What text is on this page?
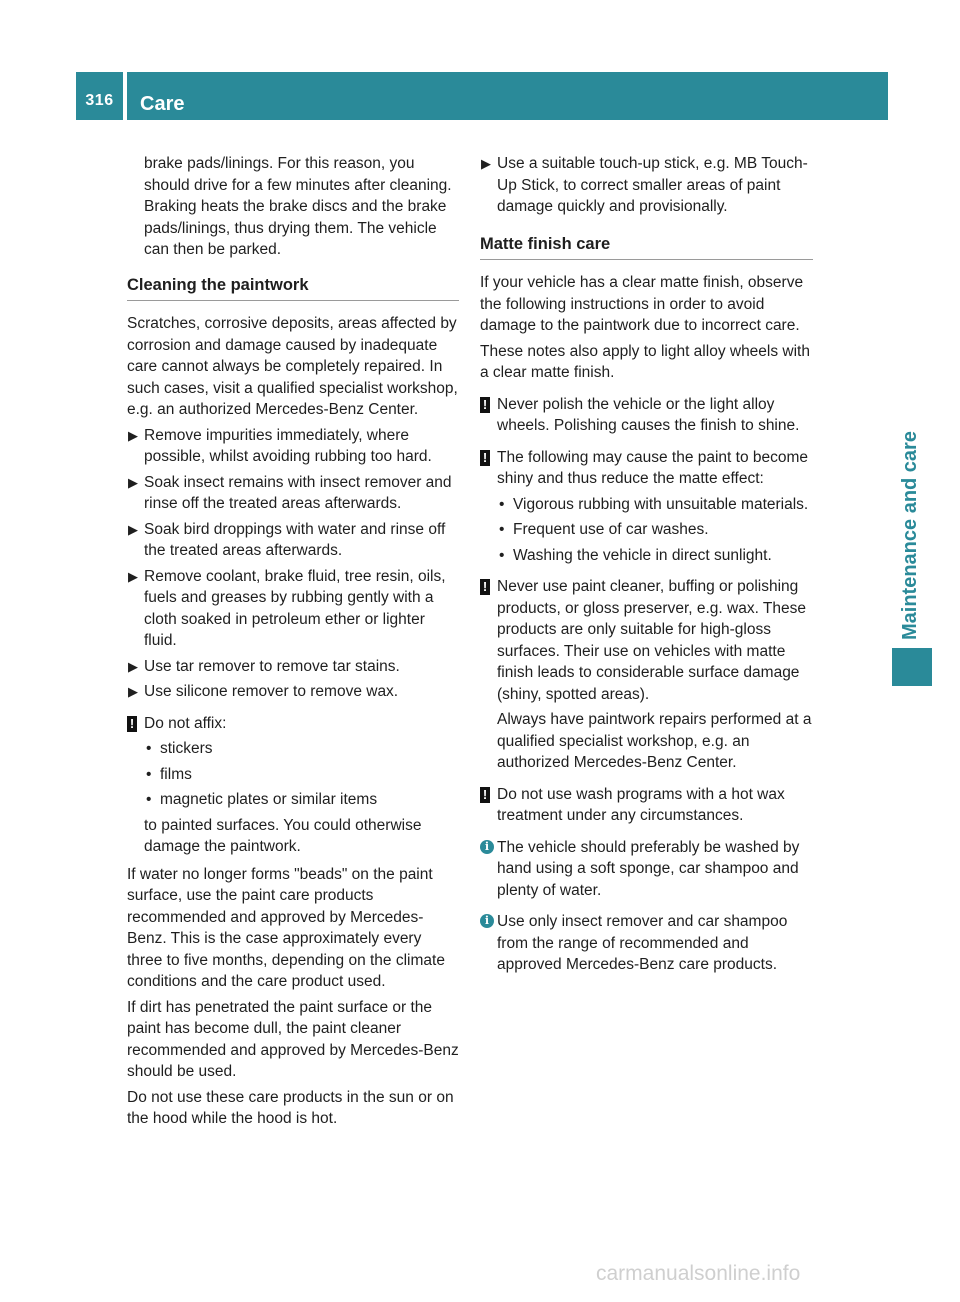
316	Care
Maintenance and care

brake pads/linings. For this reason, you should drive for a few minutes after cleaning. Braking heats the brake discs and the brake pads/linings, thus drying them. The vehicle can then be parked.

Cleaning the paintwork

Scratches, corrosive deposits, areas affected by corrosion and damage caused by inadequate care cannot always be completely repaired. In such cases, visit a qualified specialist workshop, e.g. an authorized Mercedes-Benz Center.

▶ Remove impurities immediately, where possible, whilst avoiding rubbing too hard.
▶ Soak insect remains with insect remover and rinse off the treated areas afterwards.
▶ Soak bird droppings with water and rinse off the treated areas afterwards.
▶ Remove coolant, brake fluid, tree resin, oils, fuels and greases by rubbing gently with a cloth soaked in petroleum ether or lighter fluid.
▶ Use tar remover to remove tar stains.
▶ Use silicone remover to remove wax.
! Do not affix:
• stickers
• films
• magnetic plates or similar items
to painted surfaces. You could otherwise damage the paintwork.

If water no longer forms "beads" on the paint surface, use the paint care products recommended and approved by Mercedes-Benz. This is the case approximately every three to five months, depending on the climate conditions and the care product used.

If dirt has penetrated the paint surface or the paint has become dull, the paint cleaner recommended and approved by Mercedes-Benz should be used.

Do not use these care products in the sun or on the hood while the hood is hot.

▶ Use a suitable touch-up stick, e.g. MB Touch-Up Stick, to correct smaller areas of paint damage quickly and provisionally.
Matte finish care

If your vehicle has a clear matte finish, observe the following instructions in order to avoid damage to the paintwork due to incorrect care.

These notes also apply to light alloy wheels with a clear matte finish.

! Never polish the vehicle or the light alloy wheels. Polishing causes the finish to shine.
! The following may cause the paint to become shiny and thus reduce the matte effect:
• Vigorous rubbing with unsuitable materials.
• Frequent use of car washes.
• Washing the vehicle in direct sunlight.
! Never use paint cleaner, buffing or polishing products, or gloss preserver, e.g. wax. These products are only suitable for high-gloss surfaces. Their use on vehicles with matte finish leads to considerable surface damage (shiny, spotted areas).
Always have paintwork repairs performed at a qualified specialist workshop, e.g. an authorized Mercedes-Benz Center.
! Do not use wash programs with a hot wax treatment under any circumstances.
i The vehicle should preferably be washed by hand using a soft sponge, car shampoo and plenty of water.
i Use only insect remover and car shampoo from the range of recommended and approved Mercedes-Benz care products.
carmanualsonline.info
